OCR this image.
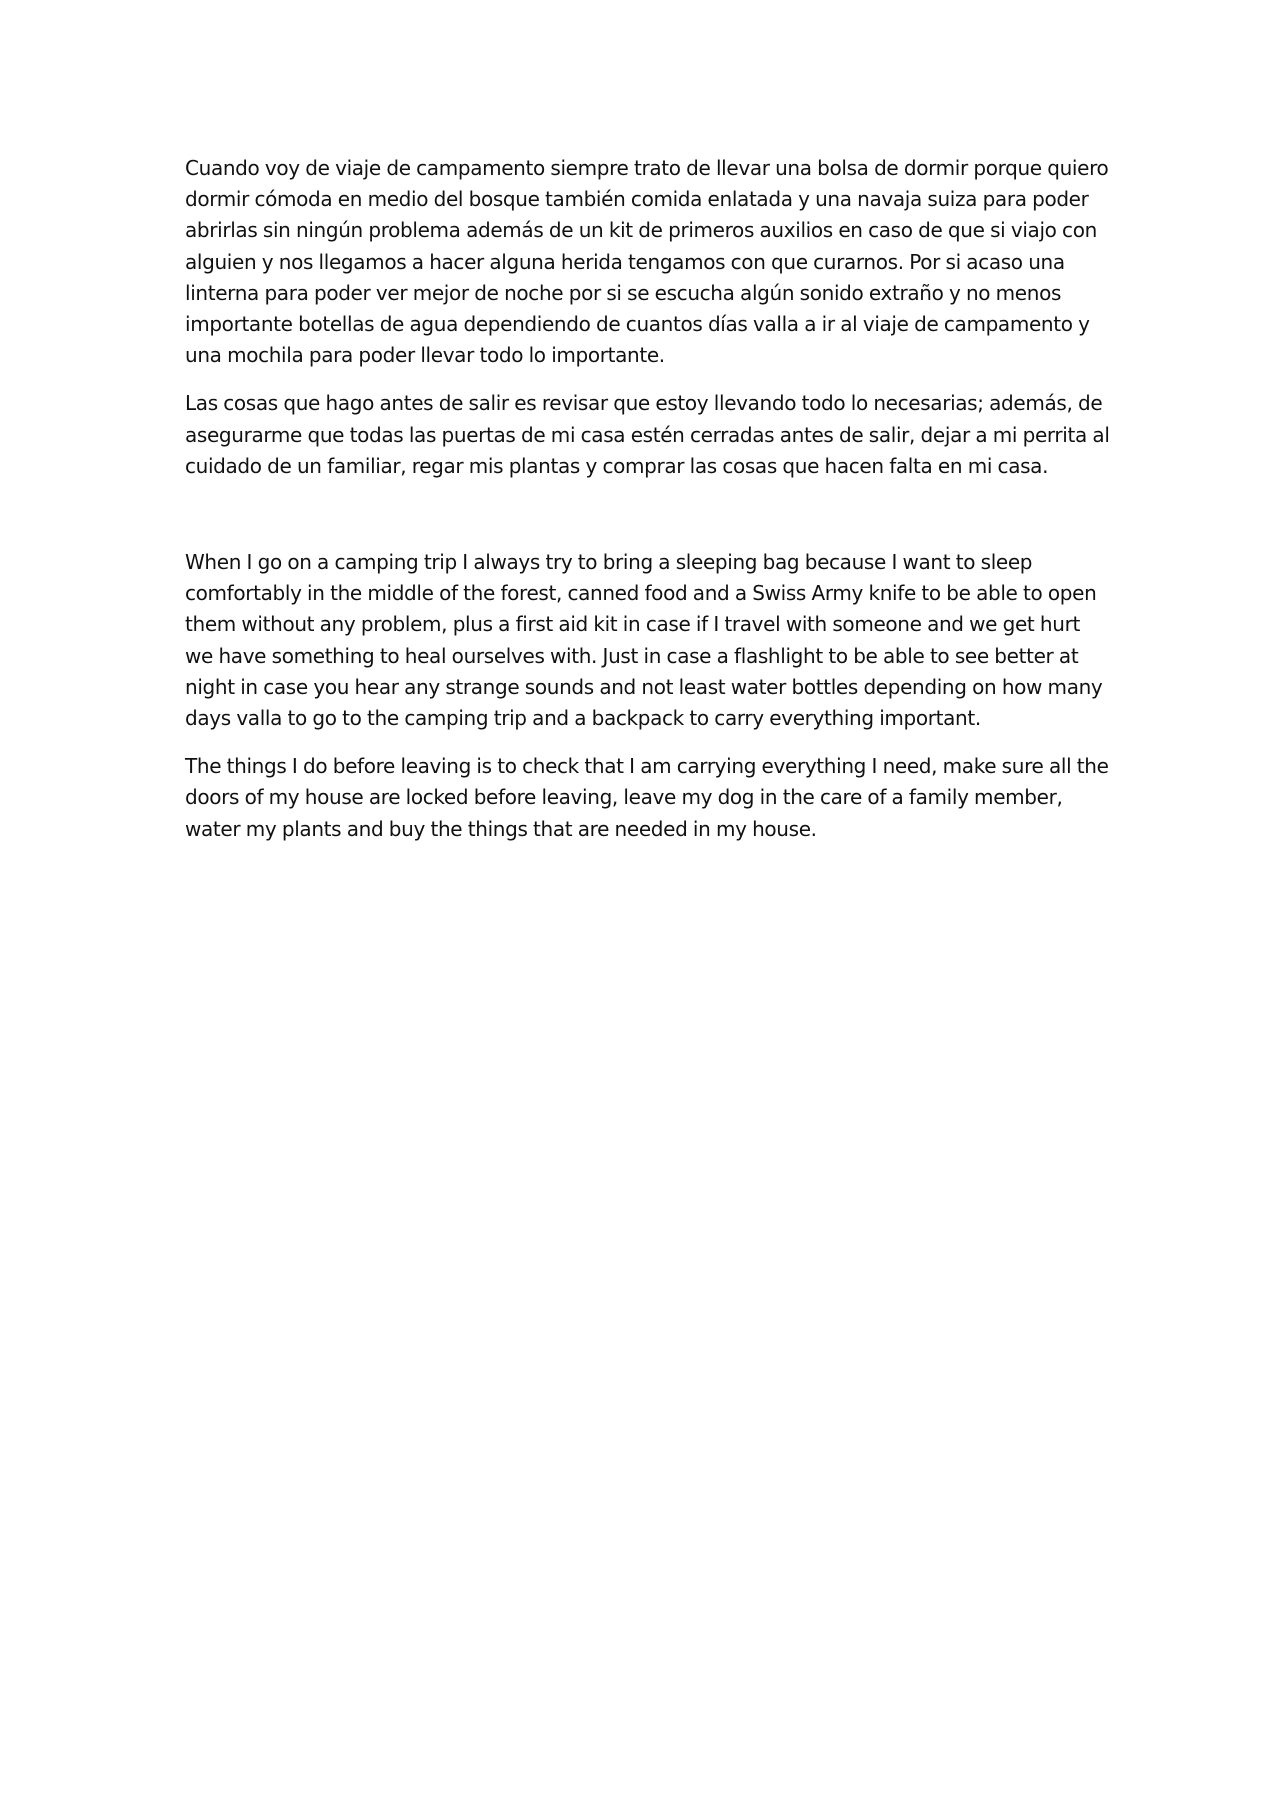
Cuando voy de viaje de campamento siempre trato de llevar una bolsa de dormir porque quiero dormir cómoda en medio del bosque también comida enlatada y una navaja suiza para poder abrirlas sin ningún problema además de un kit de primeros auxilios en caso de que si viajo con alguien y nos llegamos a hacer alguna herida tengamos con que curarnos. Por si acaso una linterna para poder ver mejor de noche por si se escucha algún sonido extraño y no menos importante botellas de agua dependiendo de cuantos días valla a ir al viaje de campamento y una mochila para poder llevar todo lo importante.

Las cosas que hago antes de salir es revisar que estoy llevando todo lo necesarias; además, de asegurarme que todas las puertas de mi casa estén cerradas antes de salir, dejar a mi perrita al cuidado de un familiar, regar mis plantas y comprar las cosas que hacen falta en mi casa.

When I go on a camping trip I always try to bring a sleeping bag because I want to sleep comfortably in the middle of the forest, canned food and a Swiss Army knife to be able to open them without any problem, plus a first aid kit in case if I travel with someone and we get hurt we have something to heal ourselves with. Just in case a flashlight to be able to see better at night in case you hear any strange sounds and not least water bottles depending on how many days valla to go to the camping trip and a backpack to carry everything important.

The things I do before leaving is to check that I am carrying everything I need, make sure all the doors of my house are locked before leaving, leave my dog in the care of a family member, water my plants and buy the things that are needed in my house.
